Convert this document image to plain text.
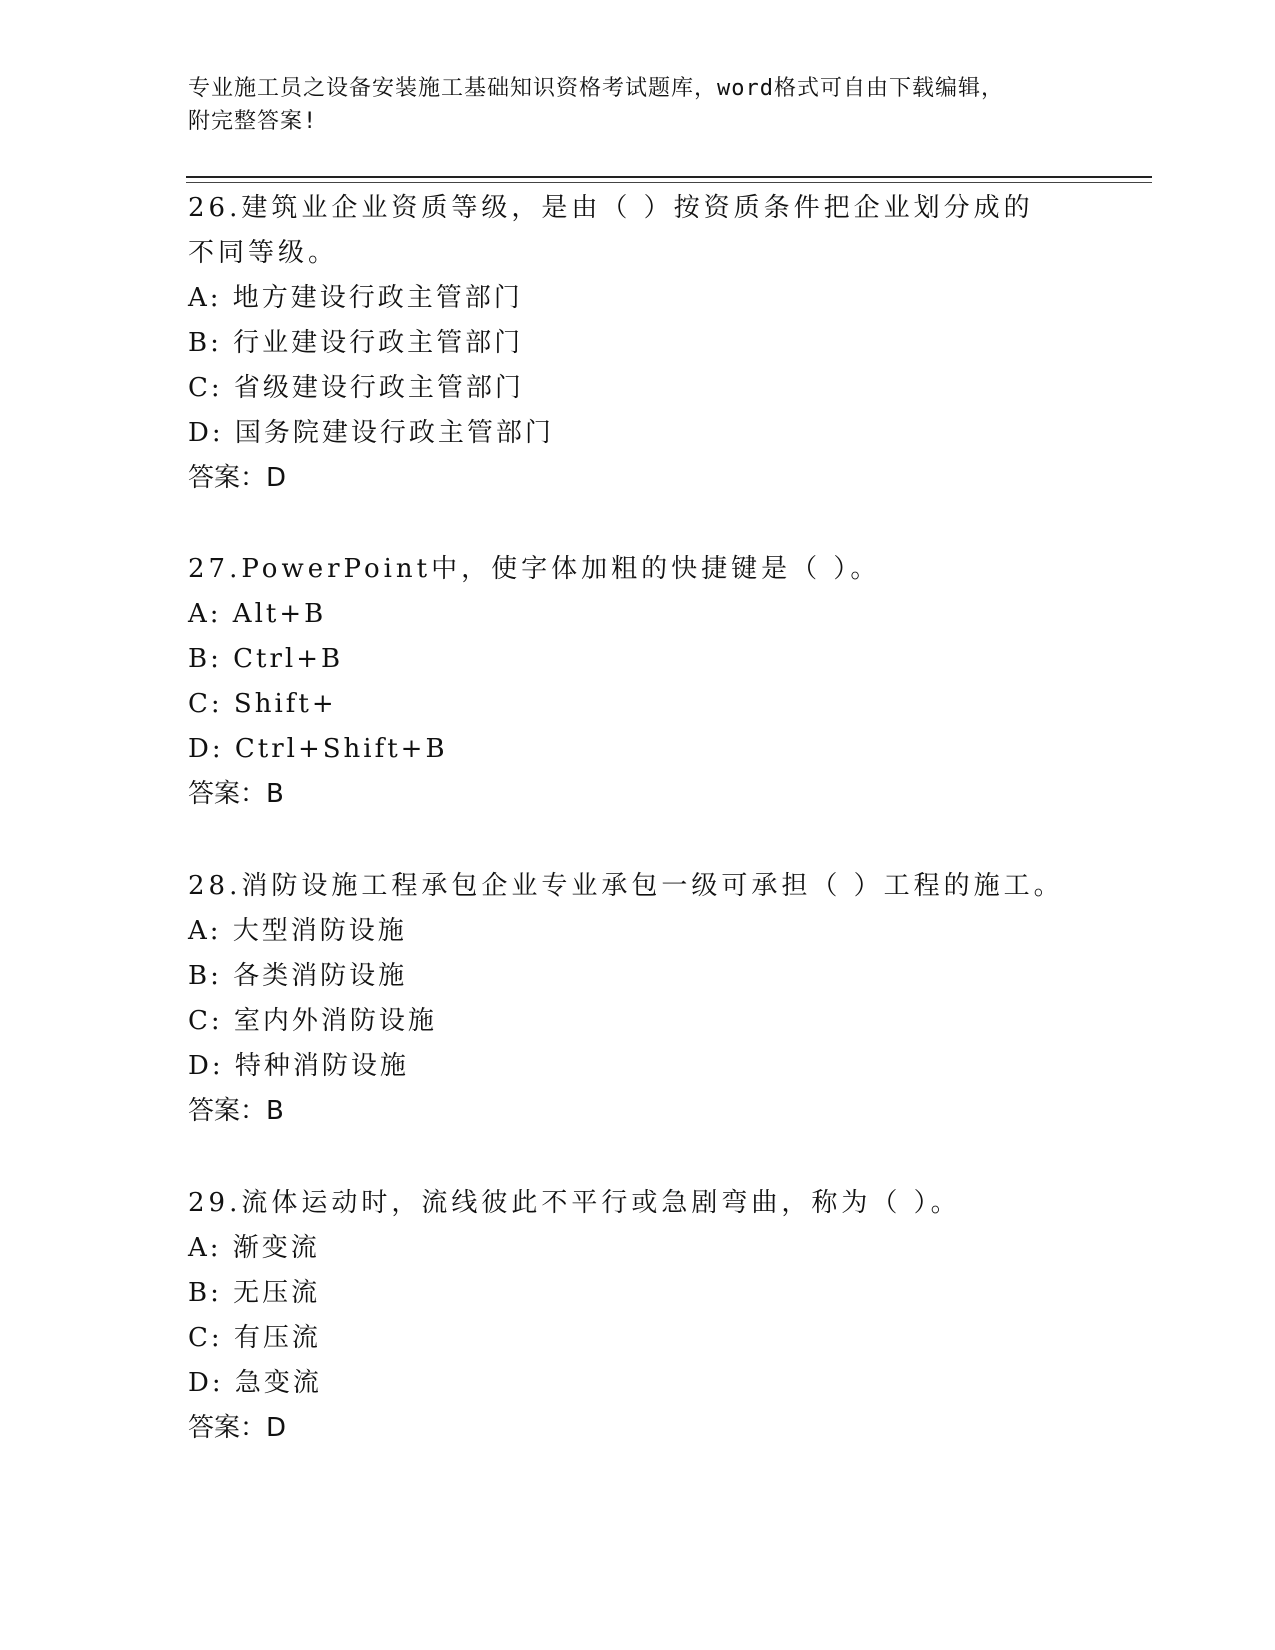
专业施工员之设备安装施工基础知识资格考试题库，word格式可自由下载编辑，
附完整答案!

26.建筑业企业资质等级，是由（ ）按资质条件把企业划分成的不同等级。

A: 地方建设行政主管部门

B: 行业建设行政主管部门

C: 省级建设行政主管部门

D: 国务院建设行政主管部门

答案：D

27.PowerPoint中，使字体加粗的快捷键是（ ）。

A: Alt+B

B: Ctrl+B

C: Shift+

D: Ctrl+Shift+B

答案：B

28.消防设施工程承包企业专业承包一级可承担（ ）工程的施工。

A: 大型消防设施

B: 各类消防设施

C: 室内外消防设施

D: 特种消防设施

答案：B

29.流体运动时，流线彼此不平行或急剧弯曲，称为（ ）。

A: 渐变流

B: 无压流

C: 有压流

D: 急变流

答案：D
